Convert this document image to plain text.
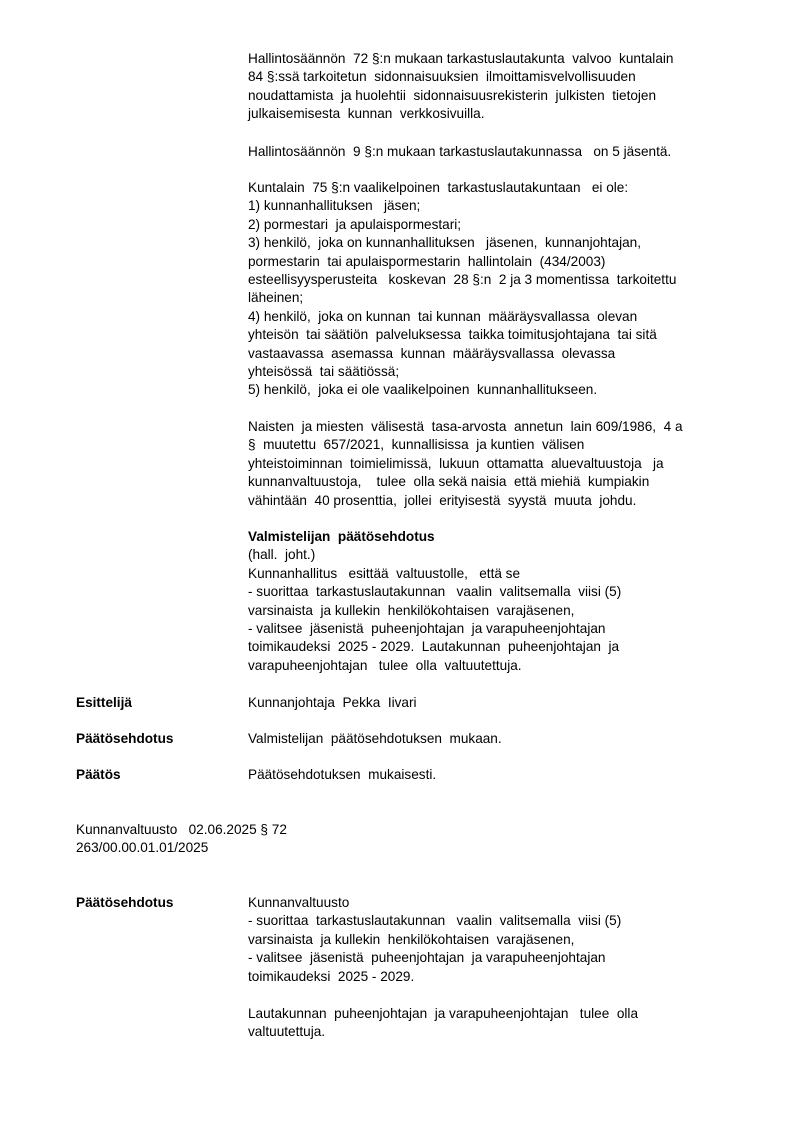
Hallintosäännön  72 §:n mukaan tarkastuslautakunta  valvoo  kuntalain
84 §:ssä tarkoitetun  sidonnaisuuksien  ilmoittamisvelvollisuuden
noudattamista  ja huolehtii  sidonnaisuusrekisterin  julkisten  tietojen
julkaisemisesta  kunnan  verkkosivuilla.
Hallintosäännön  9 §:n mukaan tarkastuslautakunnassa   on 5 jäsentä.
Kuntalain  75 §:n vaalikelpoinen  tarkastuslautakuntaan   ei ole:
1) kunnanhallituksen   jäsen;
2) pormestari  ja apulaispormestari;
3) henkilö,  joka on kunnanhallituksen   jäsenen,  kunnanjohtajan,
pormestarin  tai apulaispormestarin  hallintolain  (434/2003)
esteellisyysperusteita   koskevan  28 §:n  2 ja 3 momentissa  tarkoitettu
läheinen;
4) henkilö,  joka on kunnan  tai kunnan  määräysvallassa  olevan
yhteisön  tai säätiön  palveluksessa  taikka toimitusjohtajana  tai sitä
vastaavassa  asemassa  kunnan  määräysvallassa  olevassa
yhteisössä  tai säätiössä;
5) henkilö,  joka ei ole vaalikelpoinen  kunnanhallitukseen.
Naisten  ja miesten  välisestä  tasa-arvosta  annetun  lain 609/1986,  4 a
§  muutettu  657/2021,  kunnallisissa  ja kuntien  välisen
yhteistoiminnan  toimielimissä,  lukuun  ottamatta  aluevaltuustoja   ja
kunnanvaltuustoja,    tulee  olla sekä naisia  että miehiä  kumpiakin
vähintään  40 prosenttia,  jollei  erityisestä  syystä  muuta  johdu.
Valmistelijan  päätösehdotus
(hall.  joht.)
Kunnanhallitus   esittää  valtuustolle,   että se
- suorittaa  tarkastuslautakunnan   vaalin  valitsemalla  viisi (5)
varsinaista  ja kullekin  henkilökohtaisen  varajäsenen,
- valitsee  jäsenistä  puheenjohtajan  ja varapuheenjohtajan
toimikaudeksi  2025 - 2029.  Lautakunnan  puheenjohtajan  ja
varapuheenjohtajan   tulee  olla  valtuutettuja.
Esittelijä	Kunnanjohtaja  Pekka  Iivari
Päätösehdotus	Valmistelijan  päätösehdotuksen  mukaan.
Päätös	Päätösehdotuksen  mukaisesti.
Kunnanvaltuusto   02.06.2025 § 72
263/00.00.01.01/2025
Päätösehdotus	Kunnanvaltuusto
- suorittaa  tarkastuslautakunnan   vaalin  valitsemalla  viisi (5)
varsinaista  ja kullekin  henkilökohtaisen  varajäsenen,
- valitsee  jäsenistä  puheenjohtajan  ja varapuheenjohtajan
toimikaudeksi  2025 - 2029.
Lautakunnan  puheenjohtajan  ja varapuheenjohtajan   tulee  olla
valtuutettuja.
